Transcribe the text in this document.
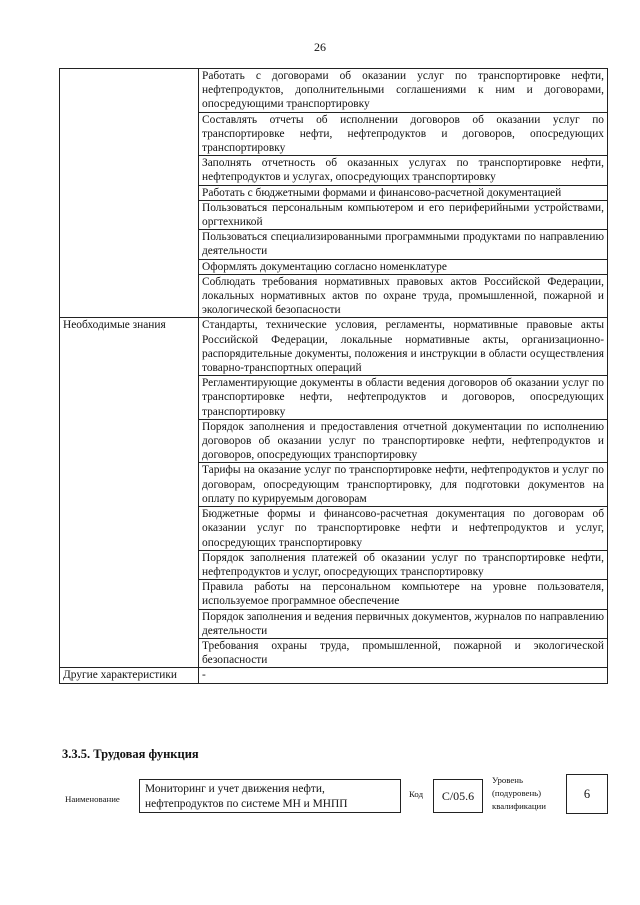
26
	Работать с договорами об оказании услуг по транспортировке нефти, нефтепродуктов, дополнительными соглашениями к ним и договорами, опосредующими транспортировку
	Составлять отчеты об исполнении договоров об оказании услуг по транспортировке нефти, нефтепродуктов и договоров, опосредующих транспортировку
	Заполнять отчетность об оказанных услугах по транспортировке нефти, нефтепродуктов и услугах, опосредующих транспортировку
	Работать с бюджетными формами и финансово-расчетной документацией
	Пользоваться персональным компьютером и его периферийными устройствами, оргтехникой
	Пользоваться специализированными программными продуктами по направлению деятельности
	Оформлять документацию согласно номенклатуре
	Соблюдать требования нормативных правовых актов Российской Федерации, локальных нормативных актов по охране труда, промышленной, пожарной и экологической безопасности
Необходимые знания	Стандарты, технические условия, регламенты, нормативные правовые акты Российской Федерации, локальные нормативные акты, организационно-распорядительные документы, положения и инструкции в области осуществления товарно-транспортных операций
	Регламентирующие документы в области ведения договоров об оказании услуг по транспортировке нефти, нефтепродуктов и договоров, опосредующих транспортировку
	Порядок заполнения и предоставления отчетной документации по исполнению договоров об оказании услуг по транспортировке нефти, нефтепродуктов и договоров, опосредующих транспортировку
	Тарифы на оказание услуг по транспортировке нефти, нефтепродуктов и услуг по договорам, опосредующим транспортировку, для подготовки документов на оплату по курируемым договорам
	Бюджетные формы и финансово-расчетная документация по договорам об оказании услуг по транспортировке нефти и нефтепродуктов и услуг, опосредующих транспортировку
	Порядок заполнения платежей об оказании услуг по транспортировке нефти, нефтепродуктов и услуг, опосредующих транспортировку
	Правила работы на персональном компьютере на уровне пользователя, используемое программное обеспечение
	Порядок заполнения и ведения первичных документов, журналов по направлению деятельности
	Требования охраны труда, промышленной, пожарной и экологической безопасности
Другие характеристики	-
3.3.5. Трудовая функция
Наименование
Мониторинг и учет движения нефти, нефтепродуктов по системе МН и МНПП
Код	С/05.6
Уровень (подуровень) квалификации
6
